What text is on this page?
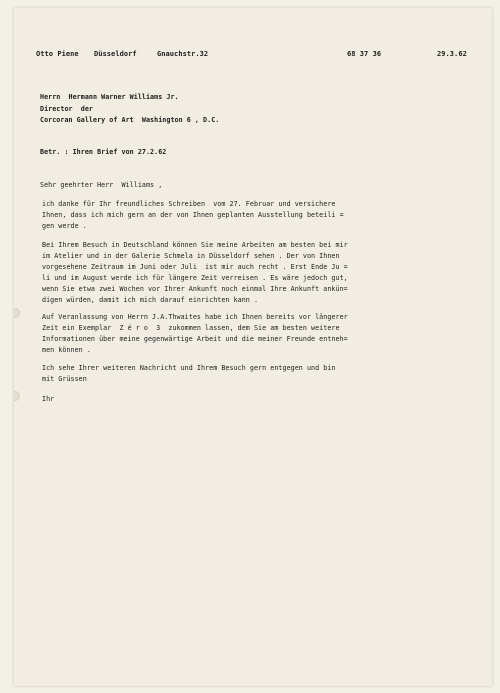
Otto Piene Düsseldorf	Gnauchstr.32	68 37 36	29.3.62
Herrn  Hermann Warner Williams Jr.
Director  der
Corcoran Gallery of Art  Washington 6 , D.C.
Betr. : Ihren Brief von 27.2.62
Sehr geehrter Herr  Williams ,
ich danke für Ihr freundliches Schreiben  vom 27. Februar und versichere
Ihnen, dass ich mich gern an der von Ihnen geplanten Ausstellung beteili =
gen werde .
Bei Ihrem Besuch in Deutschland können Sie meine Arbeiten am besten bei mir
im Atelier und in der Galerie Schmela in Düsseldorf sehen . Der von Ihnen
vorgesehene Zeitraum im Juni oder Juli  ist mir auch recht . Erst Ende Ju =
li und im August werde ich für längere Zeit verreisen . Es wäre jedoch gut,
wenn Sie etwa zwei Wochen vor Ihrer Ankunft noch einmal Ihre Ankunft ankün=
digen würden, damit ich mich darauf einrichten kann .
Auf Veranlassung von Herrn J.A.Thwaites habe ich Ihnen bereits vor längerer
Zeit ein Exemplar  Z é r o  3  zukommen lassen, dem Sie am besten weitere
Informationen über meine gegenwärtige Arbeit und die meiner Freunde entneh=
men können .
Ich sehe Ihrer weiteren Nachricht und Ihrem Besuch gern entgegen und bin
mit Grüssen
Ihr
